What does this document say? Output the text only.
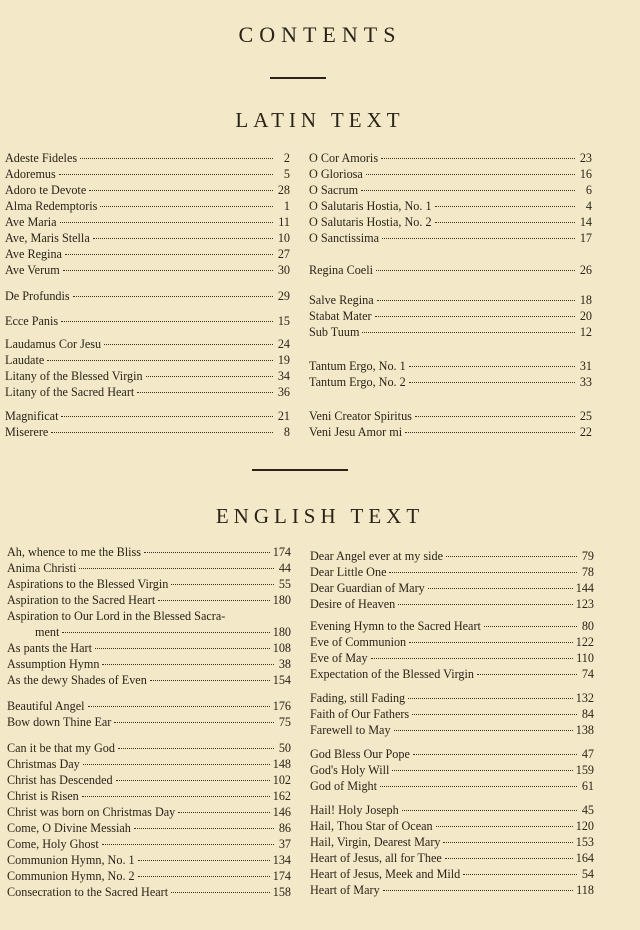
CONTENTS
LATIN TEXT
Adeste Fideles	2
Adoremus	5
Adoro te Devote	28
Alma Redemptoris	1
Ave Maria	11
Ave, Maris Stella	10
Ave Regina	27
Ave Verum	30
De Profundis	29
Ecce Panis	15
Laudamus Cor Jesu	24
Laudate	19
Litany of the Blessed Virgin	34
Litany of the Sacred Heart	36
Magnificat	21
Miserere	8
O Cor Amoris	23
O Gloriosa	16
O Sacrum	6
O Salutaris Hostia, No. 1	4
O Salutaris Hostia, No. 2	14
O Sanctissima	17
Regina Coeli	26
Salve Regina	18
Stabat Mater	20
Sub Tuum	12
Tantum Ergo, No. 1	31
Tantum Ergo, No. 2	33
Veni Creator Spiritus	25
Veni Jesu Amor mi	22
ENGLISH TEXT
Ah, whence to me the Bliss	174
Anima Christi	44
Aspirations to the Blessed Virgin	55
Aspiration to the Sacred Heart	180
Aspiration to Our Lord in the Blessed Sacra-
ment	180
As pants the Hart	108
Assumption Hymn	38
As the dewy Shades of Even	154
Beautiful Angel	176
Bow down Thine Ear	75
Can it be that my God	50
Christmas Day	148
Christ has Descended	102
Christ is Risen	162
Christ was born on Christmas Day	146
Come, O Divine Messiah	86
Come, Holy Ghost	37
Communion Hymn, No. 1	134
Communion Hymn, No. 2	174
Consecration to the Sacred Heart	158
Dear Angel ever at my side	79
Dear Little One	78
Dear Guardian of Mary	144
Desire of Heaven	123
Evening Hymn to the Sacred Heart	80
Eve of Communion	122
Eve of May	110
Expectation of the Blessed Virgin	74
Fading, still Fading	132
Faith of Our Fathers	84
Farewell to May	138
God Bless Our Pope	47
God's Holy Will	159
God of Might	61
Hail! Holy Joseph	45
Hail, Thou Star of Ocean	120
Hail, Virgin, Dearest Mary	153
Heart of Jesus, all for Thee	164
Heart of Jesus, Meek and Mild	54
Heart of Mary	118
